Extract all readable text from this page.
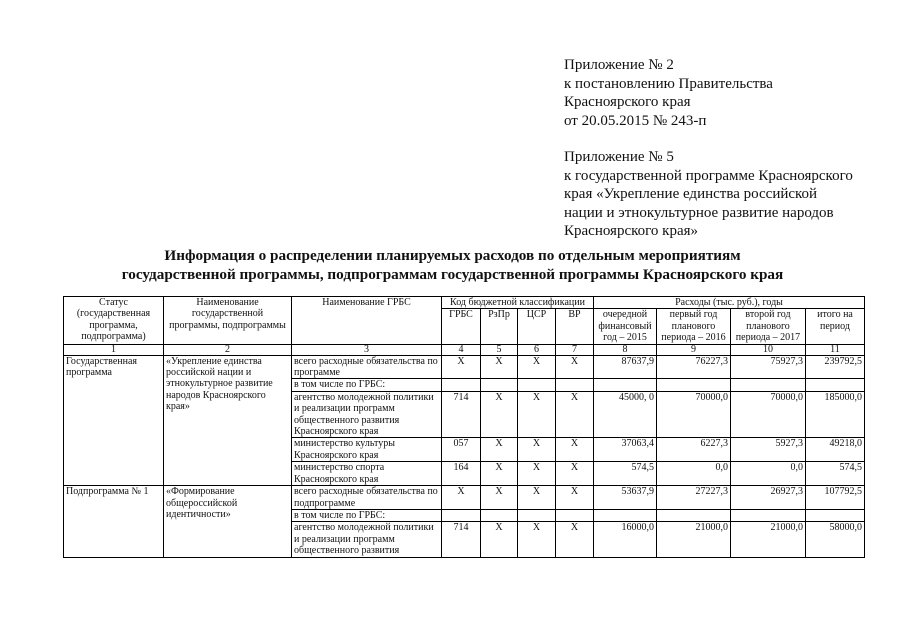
Приложение № 2
к постановлению Правительства
Красноярского края
от 20.05.2015 № 243-п
Приложение № 5
к государственной программе Красноярского
края «Укрепление единства российской
нации и этнокультурное развитие народов
Красноярского края»
Информация о распределении планируемых расходов по отдельным мероприятиям
государственной программы, подпрограммам государственной программы Красноярского края
Статус (государственная программа, подпрограмма)	Наименование государственной программы, подпрограммы	Наименование ГРБС	Код бюджетной классификации				Расходы (тыс. руб.), годы			
			ГРБС	РзПр	ЦСР	ВР	очередной финансовый год – 2015	первый год планового периода – 2016	второй год планового периода – 2017	итого на период
1	2	3	4	5	6	7	8	9	10	11
Государственная программа	«Укрепление единства российской нации и этнокультурное развитие народов Красноярского края»	всего расходные обязательства по программе	Х	Х	Х	Х	87637,9	76227,3	75927,3	239792,5
		в том числе по ГРБС:								
		агентство молодежной политики и реализации программ общественного развития Красноярского края	714	Х	Х	Х	45000, 0	70000,0	70000,0	185000,0
		министерство культуры Красноярского края	057	Х	Х	Х	37063,4	6227,3	5927,3	49218,0
		министерство спорта Красноярского края	164	Х	Х	Х	574,5	0,0	0,0	574,5
Подпрограмма № 1	«Формирование общероссийской идентичности»	всего расходные обязательства по подпрограмме	Х	Х	Х	Х	53637,9	27227,3	26927,3	107792,5
		в том числе по ГРБС:								
		агентство молодежной политики и реализации программ общественного развития	714	Х	Х	Х	16000,0	21000,0	21000,0	58000,0
